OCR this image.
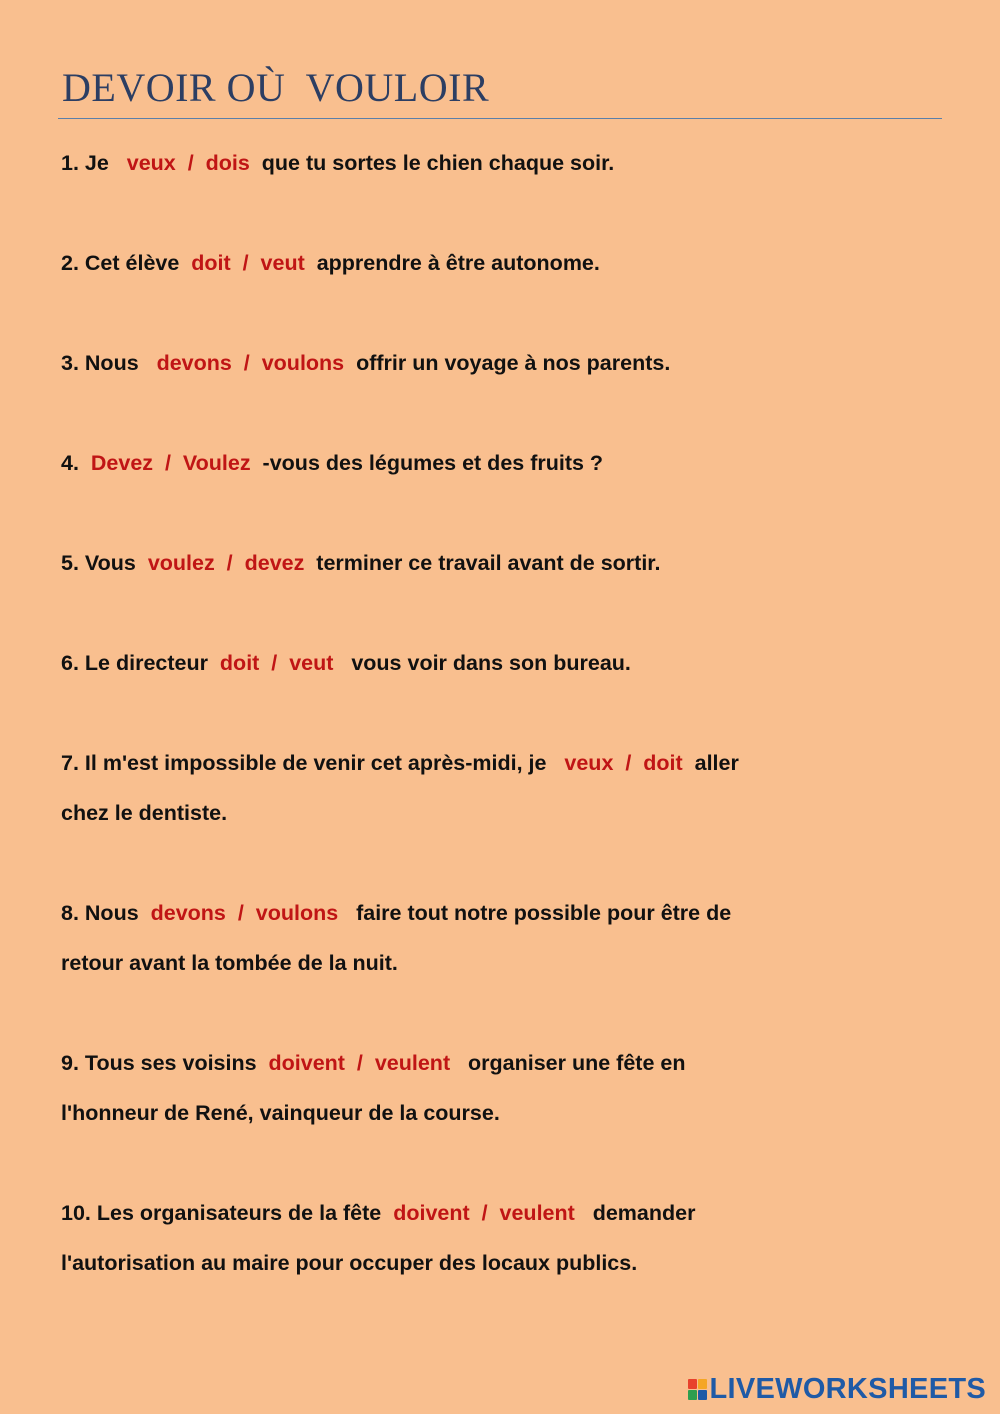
DEVOIR OÙ  VOULOIR
1. Je   veux  /  dois  que tu sortes le chien chaque soir.
2. Cet élève  doit  /  veut  apprendre à être autonome.
3. Nous   devons  /  voulons  offrir un voyage à nos parents.
4.  Devez  /  Voulez  -vous des légumes et des fruits ?
5. Vous  voulez  /  devez  terminer ce travail avant de sortir.
6. Le directeur  doit  /  veut   vous voir dans son bureau.
7. Il m'est impossible de venir cet après-midi, je   veux  /  doit  aller
chez le dentiste.
8. Nous  devons  /  voulons   faire tout notre possible pour être de
retour avant la tombée de la nuit.
9. Tous ses voisins  doivent  /  veulent   organiser une fête en
l'honneur de René, vainqueur de la course.
10. Les organisateurs de la fête  doivent  /  veulent   demander
l'autorisation au maire pour occuper des locaux publics.
LIVEWORKSHEETS
